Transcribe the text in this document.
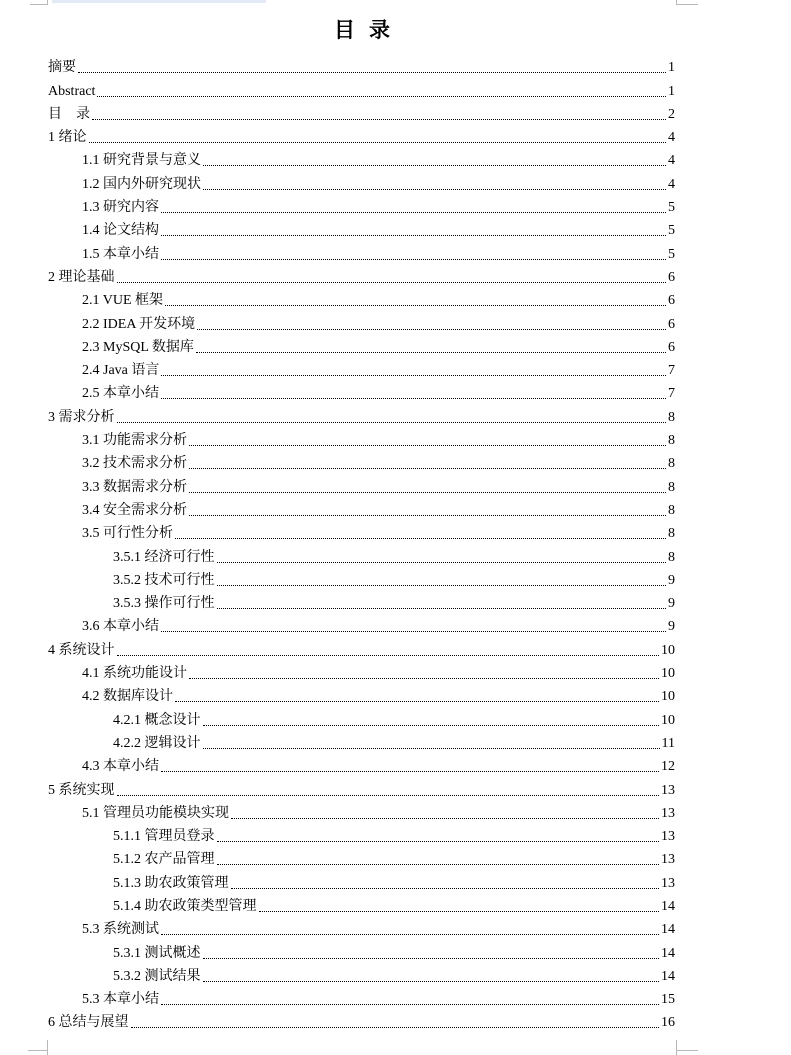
目录
摘要	1
Abstract	1
目　录	2
1 绪论	4
1.1 研究背景与意义	4
1.2 国内外研究现状	4
1.3 研究内容	5
1.4 论文结构	5
1.5 本章小结	5
2 理论基础	6
2.1 VUE 框架	6
2.2 IDEA 开发环境	6
2.3 MySQL 数据库	6
2.4 Java 语言	7
2.5 本章小结	7
3 需求分析	8
3.1 功能需求分析	8
3.2 技术需求分析	8
3.3 数据需求分析	8
3.4 安全需求分析	8
3.5 可行性分析	8
3.5.1 经济可行性	8
3.5.2 技术可行性	9
3.5.3 操作可行性	9
3.6 本章小结	9
4 系统设计	10
4.1 系统功能设计	10
4.2 数据库设计	10
4.2.1 概念设计	10
4.2.2 逻辑设计	11
4.3 本章小结	12
5 系统实现	13
5.1 管理员功能模块实现	13
5.1.1 管理员登录	13
5.1.2 农产品管理	13
5.1.3 助农政策管理	13
5.1.4 助农政策类型管理	14
5.3 系统测试	14
5.3.1 测试概述	14
5.3.2 测试结果	14
5.3 本章小结	15
6 总结与展望	16
